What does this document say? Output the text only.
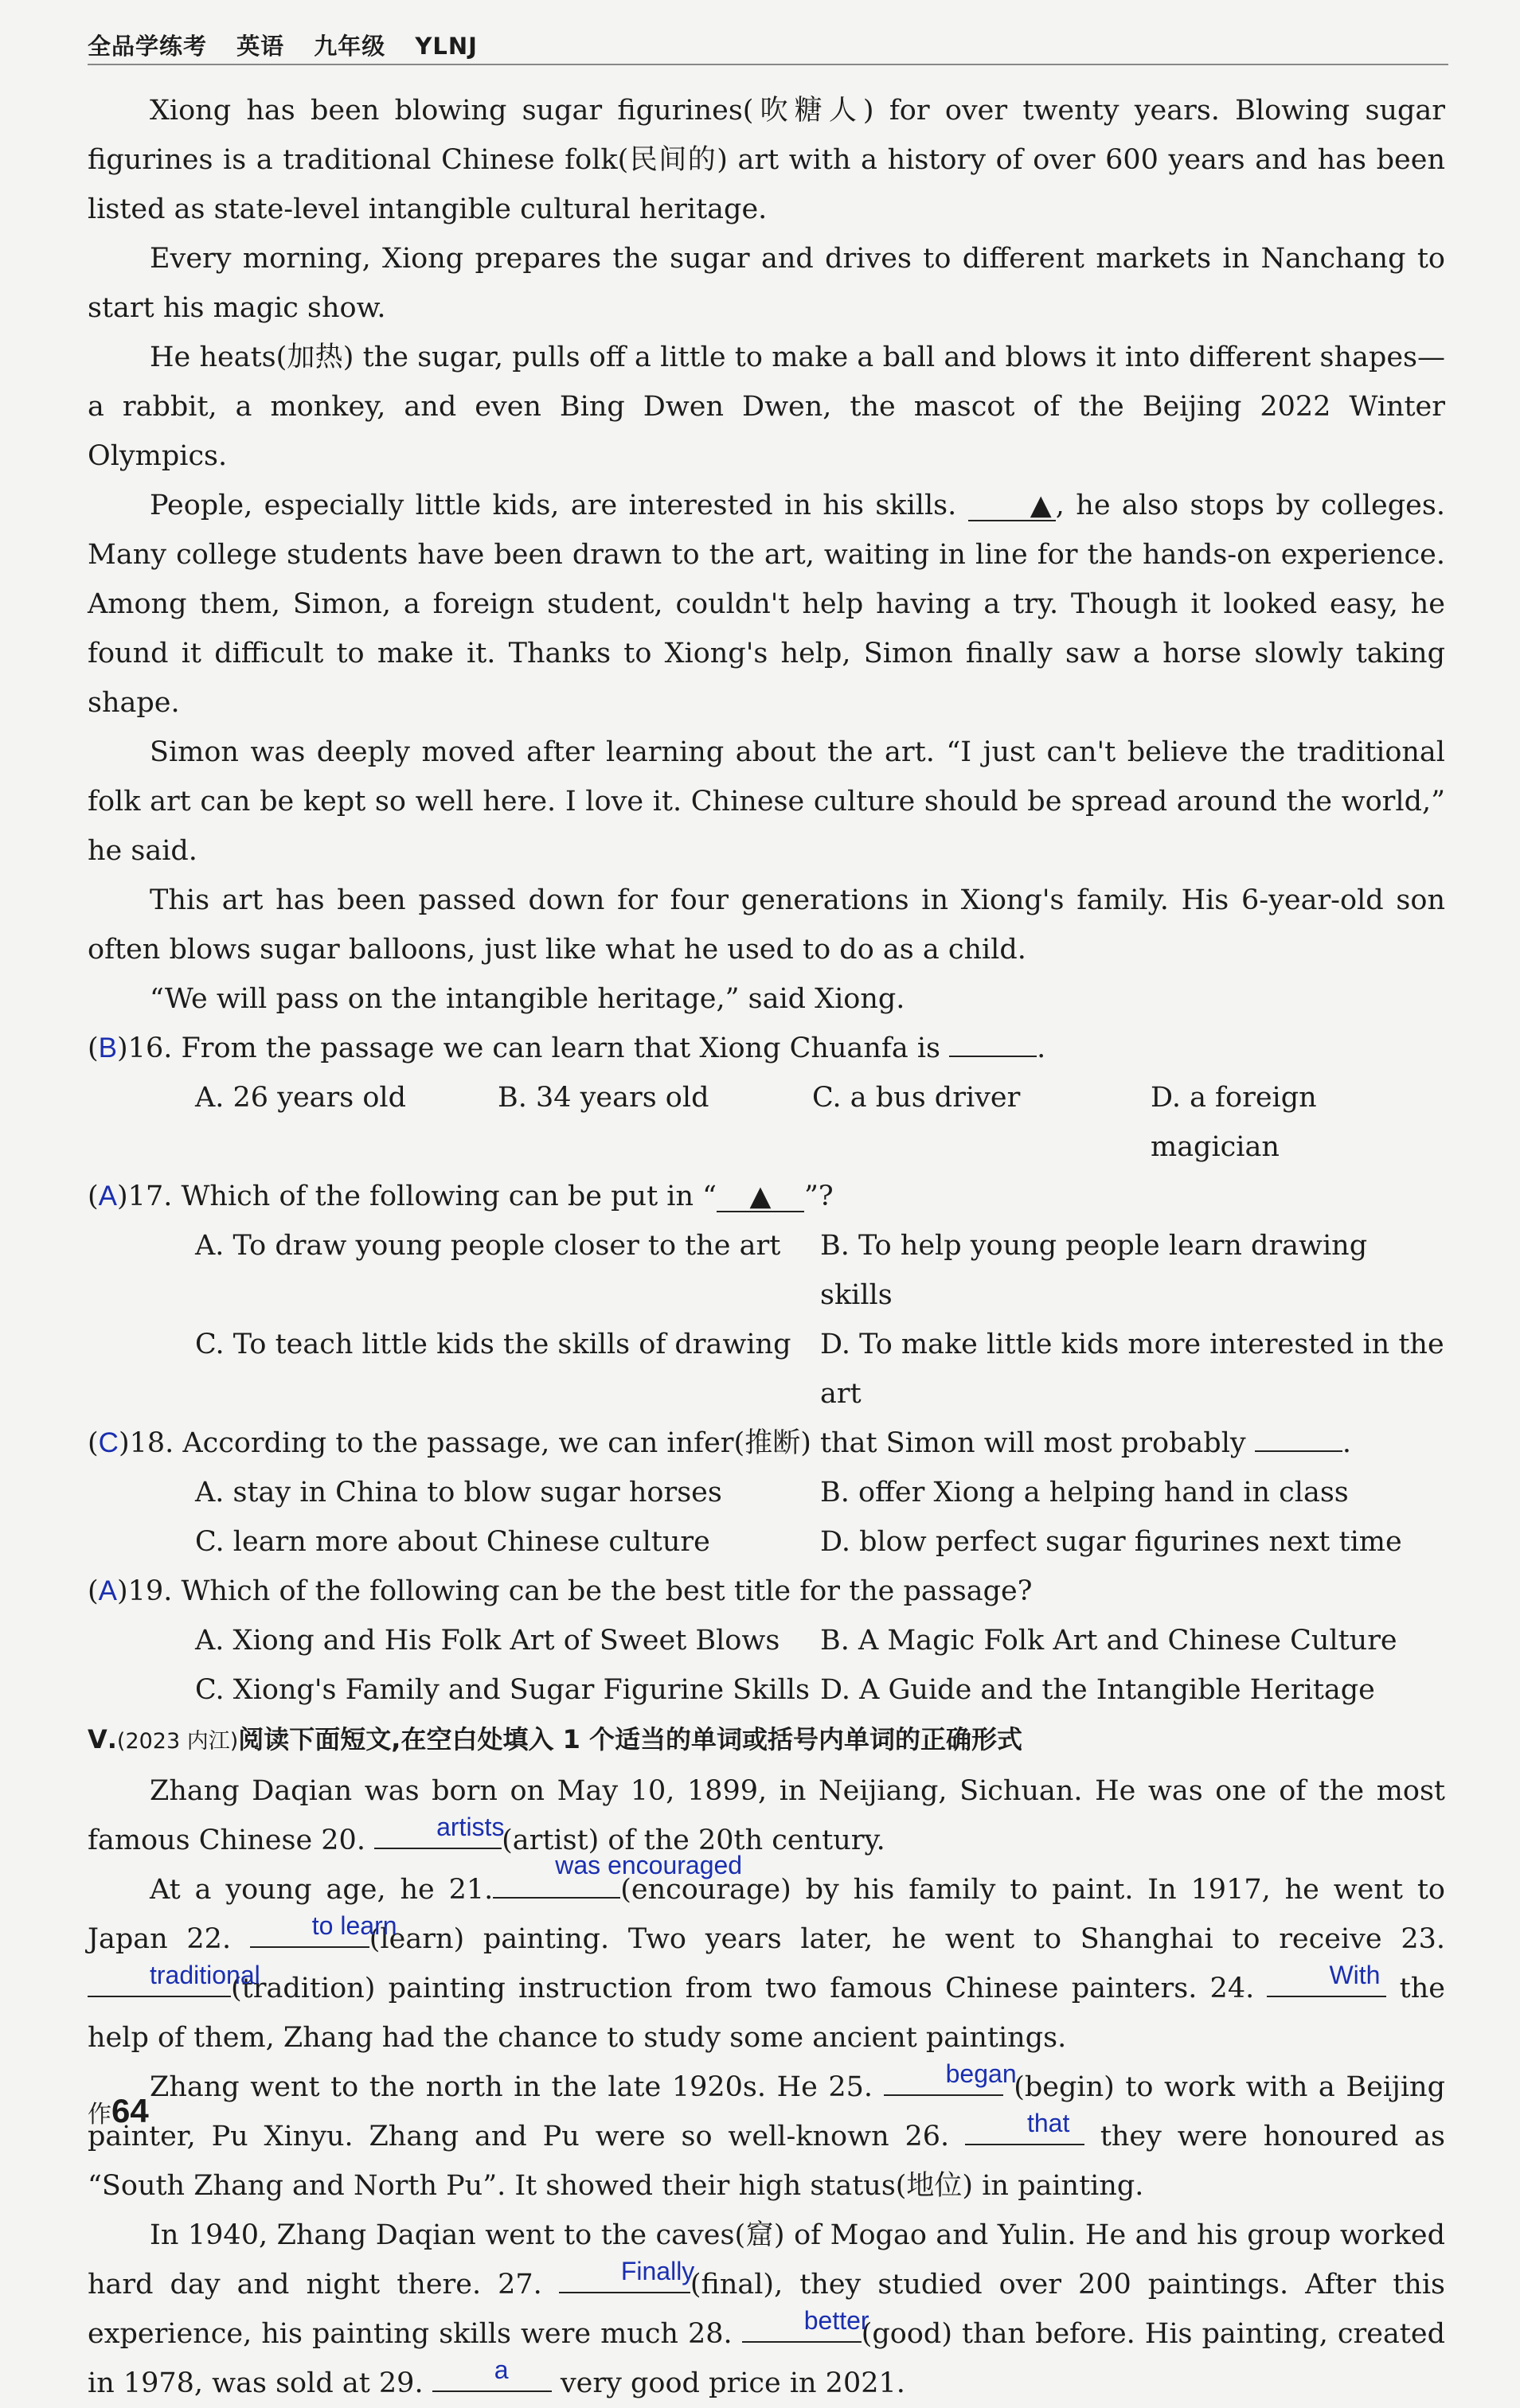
全品学练考 英语 九年级 YLNJ

Xiong has been blowing sugar figurines(吹糖人) for over twenty years. Blowing sugar figurines is a traditional Chinese folk(民间的) art with a history of over 600 years and has been listed as state-level intangible cultural heritage.

Every morning, Xiong prepares the sugar and drives to different markets in Nanchang to start his magic show.

He heats(加热) the sugar, pulls off a little to make a ball and blows it into different shapes—a rabbit, a monkey, and even Bing Dwen Dwen, the mascot of the Beijing 2022 Winter Olympics.

People, especially little kids, are interested in his skills.	▲ , he also stops by colleges. Many college students have been drawn to the art, waiting in line for the hands-on experience. Among them, Simon, a foreign student, couldn't help having a try. Though it looked easy, he found it difficult to make it. Thanks to Xiong's help, Simon finally saw a horse slowly taking shape.

Simon was deeply moved after learning about the art. “I just can't believe the traditional folk art can be kept so well here. I love it. Chinese culture should be spread around the world,” he said.

This art has been passed down for four generations in Xiong's family. His 6-year-old son often blows sugar balloons, just like what he used to do as a child.

“We will pass on the intangible heritage,” said Xiong.

(B)16. From the passage we can learn that Xiong Chuanfa is	.
A. 26 years old	B. 34 years old	C. a bus driver	D. a foreign magician
(A)17. Which of the following can be put in “ ▲ ”?
A. To draw young people closer to the art	B. To help young people learn drawing skills
C. To teach little kids the skills of drawing	D. To make little kids more interested in the art
(C)18. According to the passage, we can infer(推断) that Simon will most probably	.
A. stay in China to blow sugar horses	B. offer Xiong a helping hand in class
C. learn more about Chinese culture	D. blow perfect sugar figurines next time
(A)19. Which of the following can be the best title for the passage?
A. Xiong and His Folk Art of Sweet Blows	B. A Magic Folk Art and Chinese Culture
C. Xiong's Family and Sugar Figurine Skills D. A Guide and the Intangible Heritage
Ⅴ.(2023 内江)阅读下面短文,在空白处填入 1 个适当的单词或括号内单词的正确形式

Zhang Daqian was born on May 10, 1899, in Neijiang, Sichuan. He was one of the most famous Chinese 20.	artists
(artist) of the 20th century.

At a young age, he 21.
was encouraged
(encourage) by his family to paint. In 1917, he went to Japan 22.	to learn
(learn) painting. Two years later, he went to Shanghai to receive 23.
traditional
(tradition) painting instruction from two famous Chinese painters. 24.	With the help of them, Zhang had the chance to study some ancient paintings.

Zhang went to the north in the late 1920s. He 25.	began
(begin) to work with a Beijing painter, Pu Xinyu. Zhang and Pu were so well-known 26.	that	they were honoured as “South Zhang and North Pu”. It showed their high status(地位) in painting.

In 1940, Zhang Daqian went to the caves(窟) of Mogao and Yulin. He and his group worked hard day and night there. 27.	Finally
(final), they studied over 200 paintings. After this experience, his painting skills were much 28.	better
(good) than before. His painting, created in 1978, was sold at 29.	a	very good price in 2021.

作64
